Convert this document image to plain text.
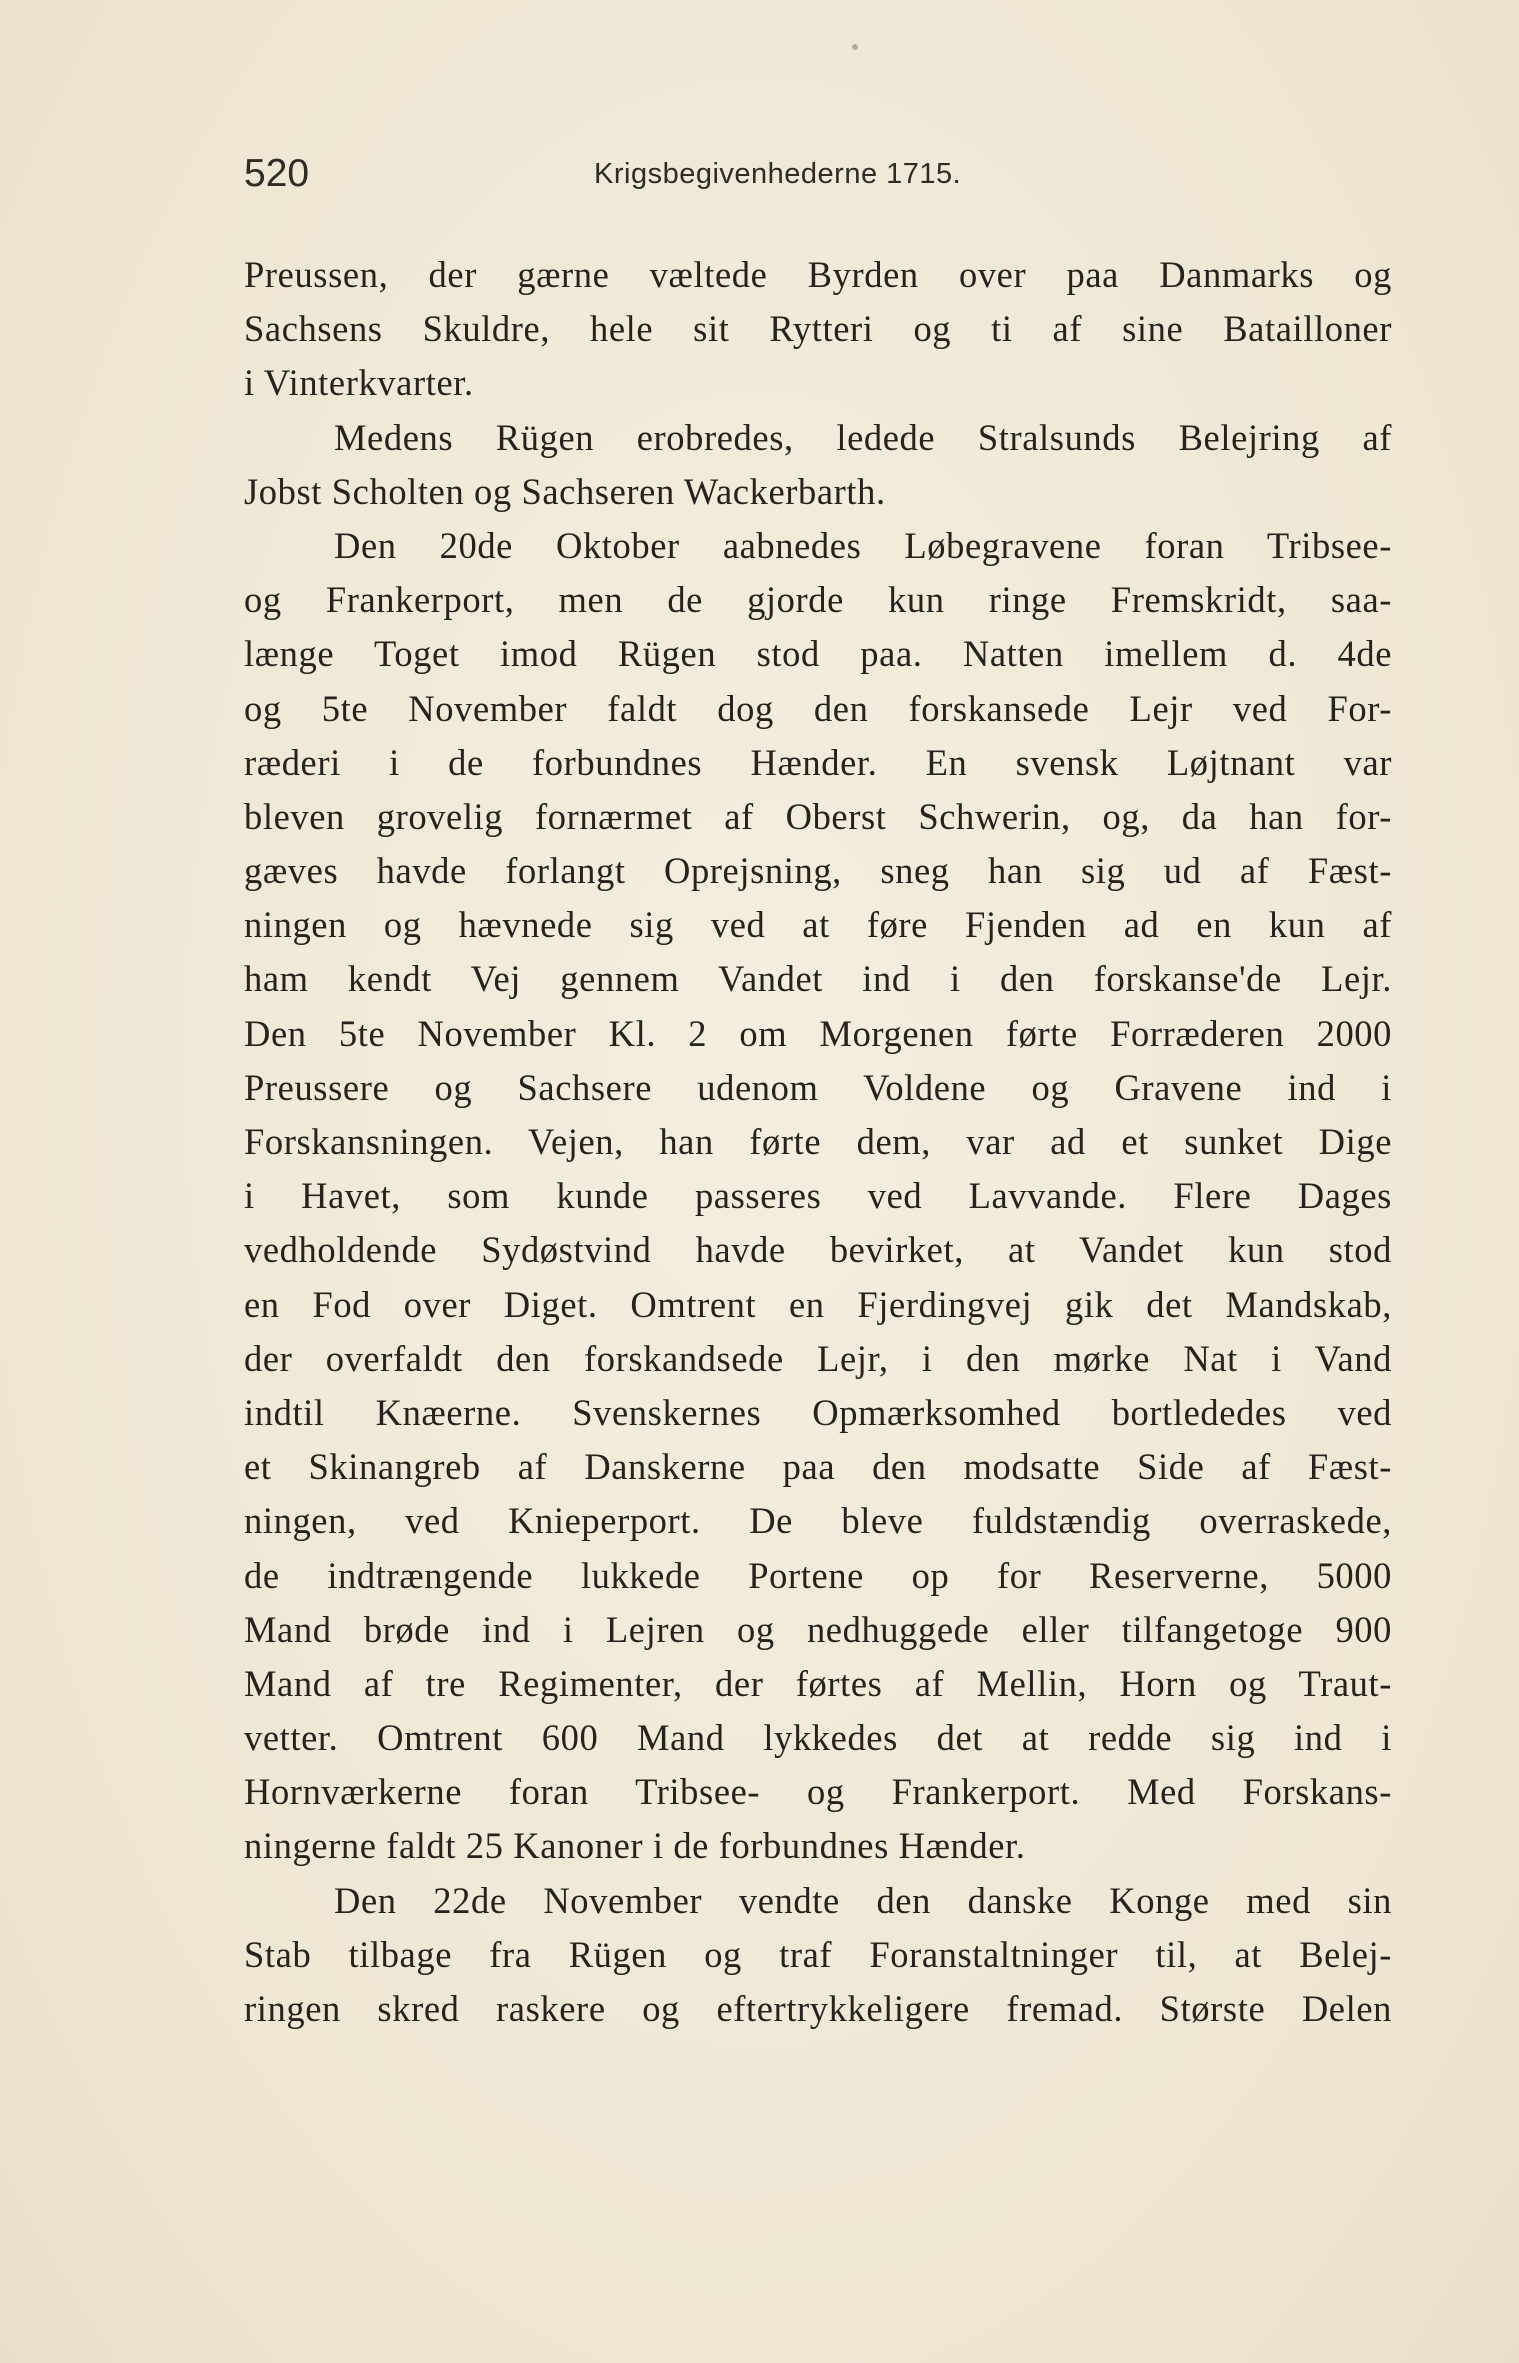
520	Krigsbegivenhederne 1715.
Preussen, der gærne væltede Byrden over paa Danmarks og
Sachsens Skuldre, hele sit Rytteri og ti af sine Batailloner
i Vinterkvarter.
Medens Rügen erobredes, ledede Stralsunds Belejring af
Jobst Scholten og Sachseren Wackerbarth.
Den 20de Oktober aabnedes Løbegravene foran Tribsee-
og Frankerport, men de gjorde kun ringe Fremskridt, saa-
længe Toget imod Rügen stod paa. Natten imellem d. 4de
og 5te November faldt dog den forskansede Lejr ved For-
ræderi i de forbundnes Hænder. En svensk Løjtnant var
bleven grovelig fornærmet af Oberst Schwerin, og, da han for-
gæves havde forlangt Oprejsning, sneg han sig ud af Fæst-
ningen og hævnede sig ved at føre Fjenden ad en kun af
ham kendt Vej gennem Vandet ind i den forskanse'de Lejr.
Den 5te November Kl. 2 om Morgenen førte Forræderen 2000
Preussere og Sachsere udenom Voldene og Gravene ind i
Forskansningen. Vejen, han førte dem, var ad et sunket Dige
i Havet, som kunde passeres ved Lavvande. Flere Dages
vedholdende Sydøstvind havde bevirket, at Vandet kun stod
en Fod over Diget. Omtrent en Fjerdingvej gik det Mandskab,
der overfaldt den forskandsede Lejr, i den mørke Nat i Vand
indtil Knæerne. Svenskernes Opmærksomhed bortlededes ved
et Skinangreb af Danskerne paa den modsatte Side af Fæst-
ningen, ved Knieperport. De bleve fuldstændig overraskede,
de indtrængende lukkede Portene op for Reserverne, 5000
Mand brøde ind i Lejren og nedhuggede eller tilfangetoge 900
Mand af tre Regimenter, der førtes af Mellin, Horn og Traut-
vetter. Omtrent 600 Mand lykkedes det at redde sig ind i
Hornværkerne foran Tribsee- og Frankerport. Med Forskans-
ningerne faldt 25 Kanoner i de forbundnes Hænder.
Den 22de November vendte den danske Konge med sin
Stab tilbage fra Rügen og traf Foranstaltninger til, at Belej-
ringen skred raskere og eftertrykkeligere fremad. Største Delen
